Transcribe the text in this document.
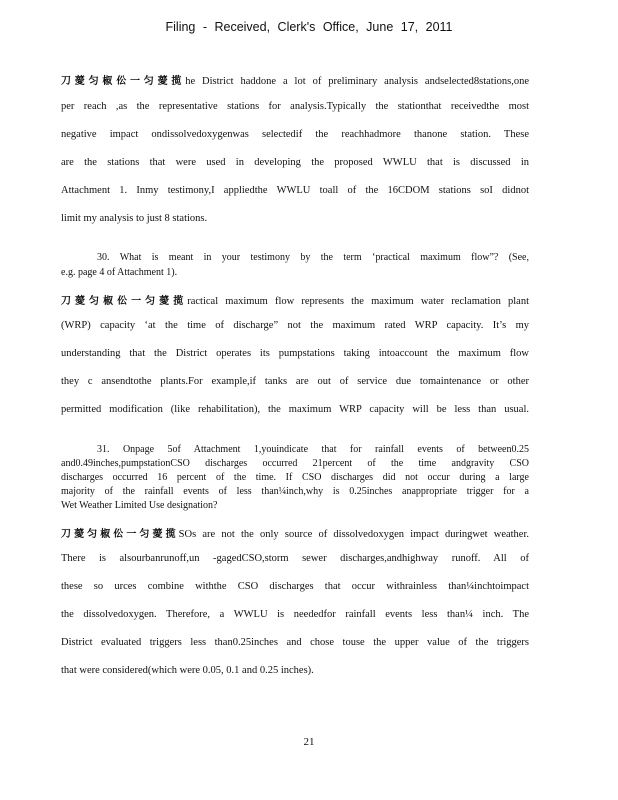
Filing - Received, Clerk's Office, June 17, 2011
刀薆匀椒伀一匀薆揽he District haddone a lot of preliminary analysis andselected8stations,one
per reach ,as the representative stations for analysis.Typically the stationthat receivedthe most
negative impact ondissolvedoxygenwas selectedif the reachhadmore thanone station. These
are the stations that were used in developing the proposed WWLU that is discussed in
Attachment 1. Inmy testimony,I appliedthe WWLU toall of the 16CDOM stations soI didnot
limit my analysis to just 8 stations.
30. What is meant in your testimony by the term ‘practical maximum flow”? (See,
e.g. page 4 of Attachment 1).
刀薆匀椒伀一匀薆揽ractical maximum flow represents the maximum water reclamation plant
(WRP) capacity ‘at the time of discharge” not the maximum rated WRP capacity. It’s my
understanding that the District operates its pumpstations taking intoaccount the maximum flow
they c ansendtothe plants.For example,if tanks are out of service due tomaintenance or other
permitted modification (like rehabilitation), the maximum WRP capacity will be less than usual.
31. Onpage 5of Attachment 1,youindicate that for rainfall events of between0.25
and0.49inches,pumpstationCSO discharges occurred 21percent of the time andgravity CSO
discharges occurred 16 percent of the time. If CSO discharges did not occur during a large
majority of the rainfall events of less than¼inch,why is 0.25inches anappropriate trigger for a
Wet Weather Limited Use designation?
刀薆匀椒伀一匀薆揽SOs are not the only source of dissolvedoxygen impact duringwet weather.
There is alsourbanrunoff,un -gagedCSO,storm sewer discharges,andhighway runoff. All of
these so urces combine withthe CSO discharges that occur withrainless than¼inchtoimpact
the dissolvedoxygen. Therefore, a WWLU is neededfor rainfall events less than¼ inch. The
District evaluated triggers less than0.25inches and chose touse the upper value of the triggers
that were considered(which were 0.05, 0.1 and 0.25 inches).
21
